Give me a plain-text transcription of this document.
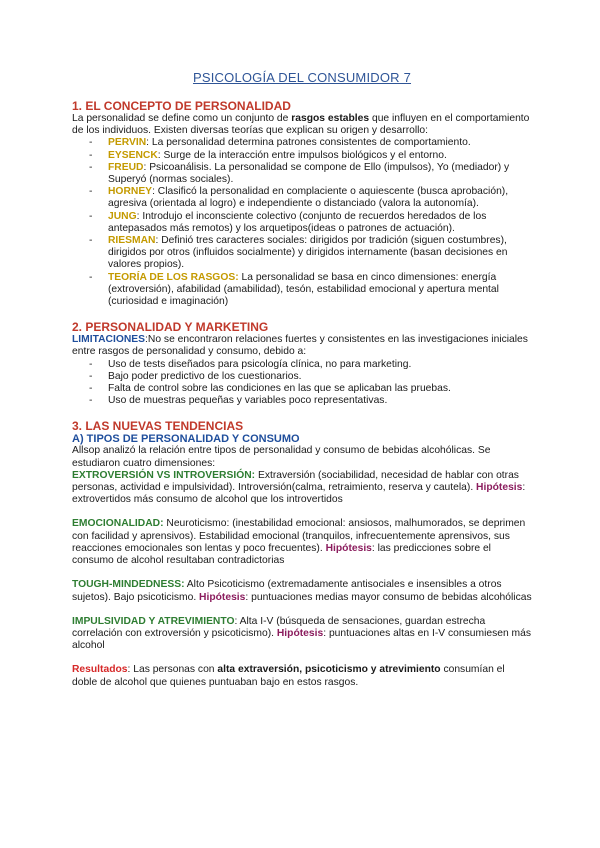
PSICOLOGÍA DEL CONSUMIDOR 7
1. EL CONCEPTO DE PERSONALIDAD

La personalidad se define como un conjunto de rasgos estables que influyen en el comportamiento de los individuos. Existen diversas teorías que explican su origen y desarrollo:

- PERVIN: La personalidad determina patrones consistentes de comportamiento.
- EYSENCK: Surge de la interacción entre impulsos biológicos y el entorno.
- FREUD: Psicoanálisis. La personalidad se compone de Ello (impulsos), Yo (mediador) y Superyó (normas sociales).
- HORNEY: Clasificó la personalidad en complaciente o aquiescente (busca aprobación), agresiva (orientada al logro) e independiente o distanciado (valora la autonomía).
- JUNG: Introdujo el inconsciente colectivo (conjunto de recuerdos heredados de los antepasados más remotos) y los arquetipos(ideas o patrones de actuación).
- RIESMAN: Definió tres caracteres sociales: dirigidos por tradición (siguen costumbres), dirigidos por otros (influidos socialmente) y dirigidos internamente (basan decisiones en valores propios).
- TEORÍA DE LOS RASGOS: La personalidad se basa en cinco dimensiones: energía (extroversión), afabilidad (amabilidad), tesón, estabilidad emocional y apertura mental (curiosidad e imaginación)
2. PERSONALIDAD Y MARKETING

LIMITACIONES:No se encontraron relaciones fuertes y consistentes en las investigaciones iniciales entre rasgos de personalidad y consumo, debido a:

- Uso de tests diseñados para psicología clínica, no para marketing.
- Bajo poder predictivo de los cuestionarios.
- Falta de control sobre las condiciones en las que se aplicaban las pruebas.
- Uso de muestras pequeñas y variables poco representativas.
3. LAS NUEVAS TENDENCIAS
A) TIPOS DE PERSONALIDAD Y CONSUMO

Allsop analizó la relación entre tipos de personalidad y consumo de bebidas alcohólicas. Se estudiaron cuatro dimensiones:

EXTROVERSIÓN VS INTROVERSIÓN: Extraversión (sociabilidad, necesidad de hablar con otras personas, actividad e impulsividad). Introversión(calma, retraimiento, reserva y cautela). Hipótesis: extrovertidos más consumo de alcohol que los introvertidos

EMOCIONALIDAD: Neuroticismo: (inestabilidad emocional: ansiosos, malhumorados, se deprimen con facilidad y aprensivos). Estabilidad emocional (tranquilos, infrecuentemente aprensivos, sus reacciones emocionales son lentas y poco frecuentes). Hipótesis: las predicciones sobre el consumo de alcohol resultaban contradictorias

TOUGH-MINDEDNESS: Alto Psicoticismo (extremadamente antisociales e insensibles a otros sujetos). Bajo psicoticismo. Hipótesis: puntuaciones medias mayor consumo de bebidas alcohólicas

IMPULSIVIDAD Y ATREVIMIENTO: Alta I-V (búsqueda de sensaciones, guardan estrecha correlación con extroversión y psicoticismo). Hipótesis: puntuaciones altas en I-V consumiesen más alcohol

Resultados: Las personas con alta extraversión, psicoticismo y atrevimiento consumían el doble de alcohol que quienes puntuaban bajo en estos rasgos.
